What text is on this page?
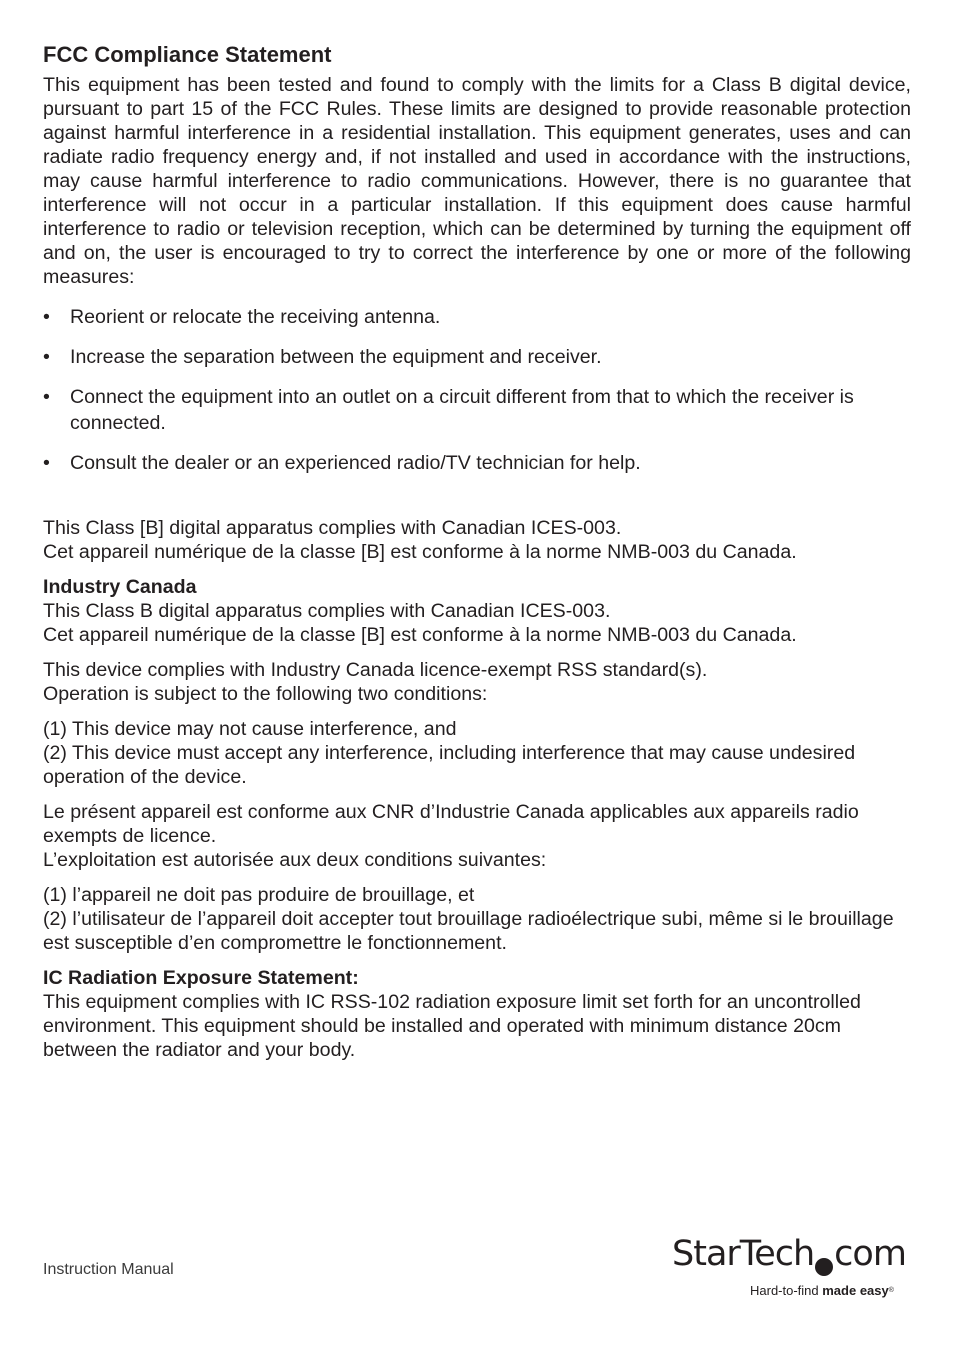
FCC Compliance Statement

This equipment has been tested and found to comply with the limits for a Class B digital device, pursuant to part 15 of the FCC Rules. These limits are designed to provide reasonable protection against harmful interference in a residential installation. This equipment generates, uses and can radiate radio frequency energy and, if not installed and used in accordance with the instructions, may cause harmful interference to radio communications. However, there is no guarantee that interference will not occur in a particular installation. If this equipment does cause harmful interference to radio or television reception, which can be determined by turning the equipment off and on, the user is encouraged to try to correct the interference by one or more of the following measures:

• Reorient or relocate the receiving antenna.
• Increase the separation between the equipment and receiver.
• Connect the equipment into an outlet on a circuit different from that to which the receiver is connected.
• Consult the dealer or an experienced radio/TV technician for help.

This Class [B] digital apparatus complies with Canadian ICES-003.

Cet appareil numérique de la classe [B] est conforme à la norme NMB-003 du Canada.

Industry Canada

This Class B digital apparatus complies with Canadian ICES-003.

Cet appareil numérique de la classe [B] est conforme à la norme NMB-003 du Canada.

This device complies with Industry Canada licence-exempt RSS standard(s).

Operation is subject to the following two conditions:

(1) This device may not cause interference, and

(2) This device must accept any interference, including interference that may cause undesired operation of the device.

Le présent appareil est conforme aux CNR d’Industrie Canada applicables aux appareils radio exempts de licence.

L’exploitation est autorisée aux deux conditions suivantes:

(1) l’appareil ne doit pas produire de brouillage, et

(2) l’utilisateur de l’appareil doit accepter tout brouillage radioélectrique subi, même si le brouillage est susceptible d’en compromettre le fonctionnement.

IC Radiation Exposure Statement:

This equipment complies with IC RSS-102 radiation exposure limit set forth for an uncontrolled environment. This equipment should be installed and operated with minimum distance 20cm between the radiator and your body.

Instruction Manual	StarTech com
Hard-to-find made easy®
